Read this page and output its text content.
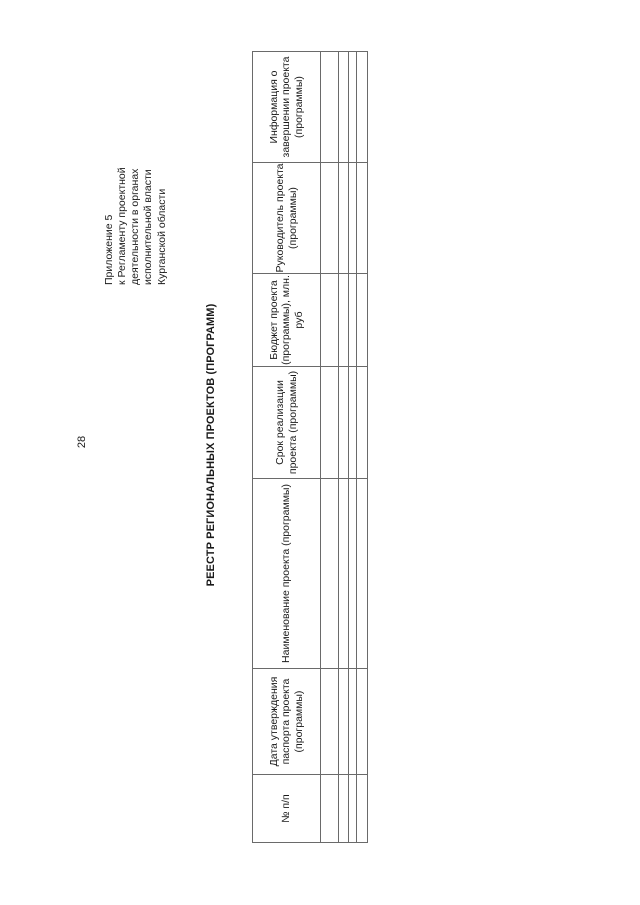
28
Приложение 5 к Регламенту проектной деятельности в органах исполнительной власти Курганской области
РЕЕСТР РЕГИОНАЛЬНЫХ ПРОЕКТОВ (ПРОГРАММ)
№ п/п	Дата утверждения паспорта проекта (программы)	Наименование проекта (программы)	Срок реализации проекта (программы)	Бюджет проекта (программы), млн. руб	Руководитель проекта (программы)	Информация о завершении проекта (программы)
